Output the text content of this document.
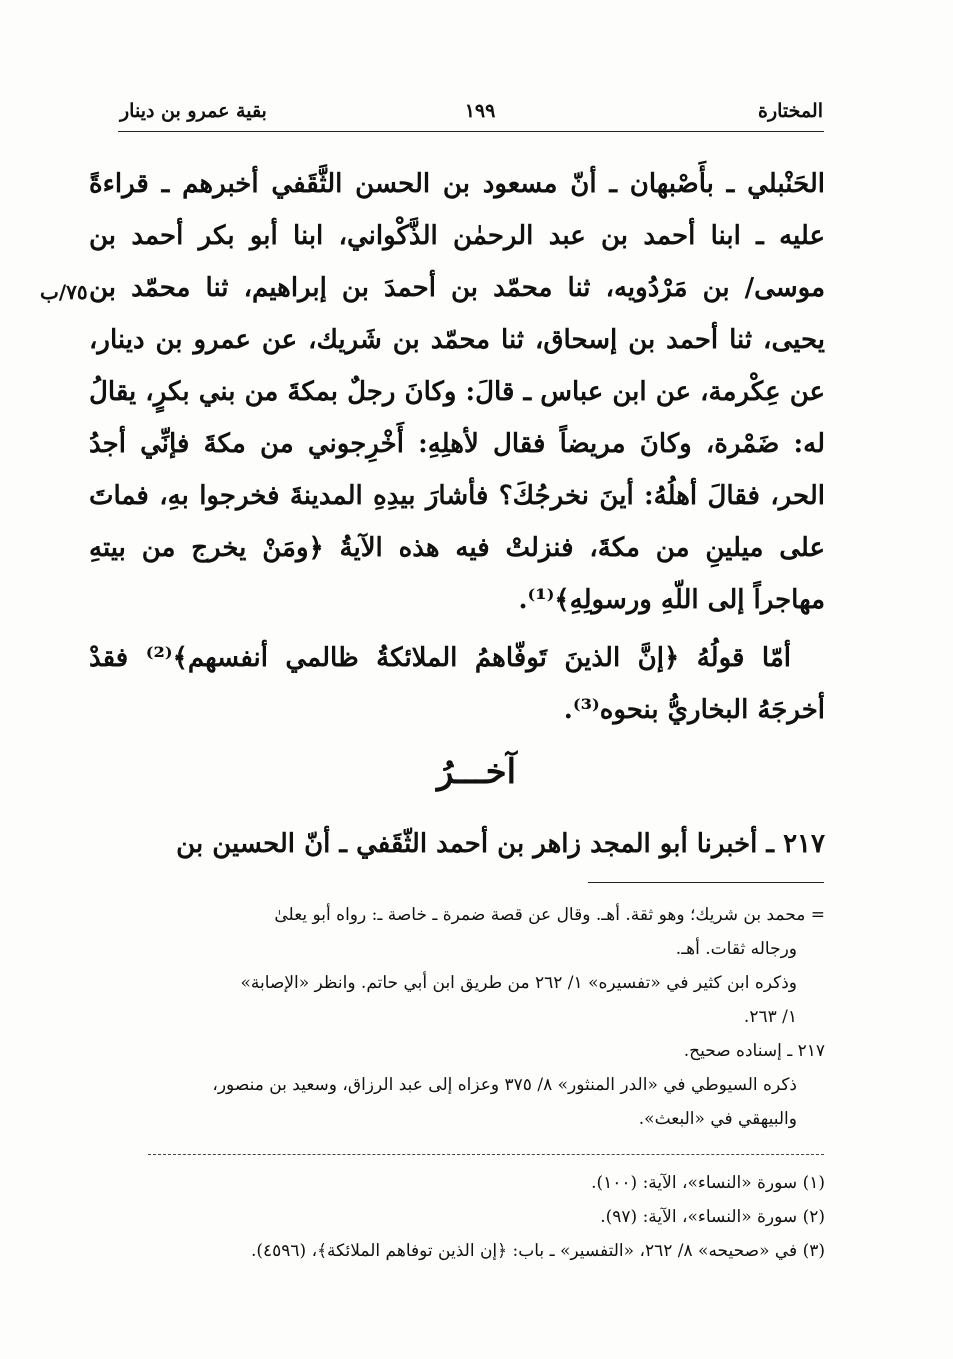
المختارة
١٩٩
بقية عمرو بن دينار
٧٥/ب

الحَنْبلي ـ بأَصْبهان ـ أنّ مسعود بن الحسن الثَّقَفي أخبرهم ـ قراءةً عليه ـ ابنا أحمد بن عبد الرحمٰن الذَّكْواني، ابنا أبو بكر أحمد بن موسى/ بن مَرْدُويه، ثنا محمّد بن أحمدَ بن إبراهيم، ثنا محمّد بن يحيى، ثنا أحمد بن إسحاق، ثنا محمّد بن شَريك، عن عمرو بن دينار، عن عِكْرمة، عن ابن عباس ـ قالَ: وكانَ رجلٌ بمكةَ من بني بكرٍ، يقالُ له: ضَمْرة، وكانَ مريضاً فقال لأهلِهِ: أَخْرِجوني من مكةَ فإنِّي أجدُ الحر، فقالَ أهلُهُ: أينَ نخرجُكَ؟ فأشارَ بيدِهِ المدينةَ فخرجوا بهِ، فماتَ على ميلينِ من مكةَ، فنزلتْ فيه هذه الآيةُ ﴿ومَنْ يخرج من بيتهِ مهاجراً إلى اللّهِ ورسولِهِ﴾⁽¹⁾.

أمّا قولُهُ ﴿إنَّ الذينَ تَوفّاهمُ الملائكةُ ظالمي أنفسهم﴾⁽²⁾ فقدْ أخرجَهُ البخاريُّ بنحوه⁽³⁾.

آخـــرُ
٢١٧ ـ أخبرنا أبو المجد زاهر بن أحمد الثّقَفي ـ أنّ الحسين بن

= محمد بن شريك؛ وهو ثقة. أهـ. وقال عن قصة ضمرة ـ خاصة ـ: رواه أبو يعلىٰ

ورجاله ثقات. أهـ.

وذكره ابن كثير في «تفسيره» ١/ ٢٦٢ من طريق ابن أبي حاتم. وانظر «الإصابة»

١/ ٢٦٣.

٢١٧ ـ إسناده صحيح.

ذكره السيوطي في «الدر المنثور» ٨/ ٣٧٥ وعزاه إلى عبد الرزاق، وسعيد بن منصور،

والبيهقي في «البعث».

(١) سورة «النساء»، الآية: (١٠٠).

(٢) سورة «النساء»، الآية: (٩٧).

(٣) في «صحيحه» ٨/ ٢٦٢، «التفسير» ـ باب: ﴿إن الذين توفاهم الملائكة﴾، (٤٥٩٦).
